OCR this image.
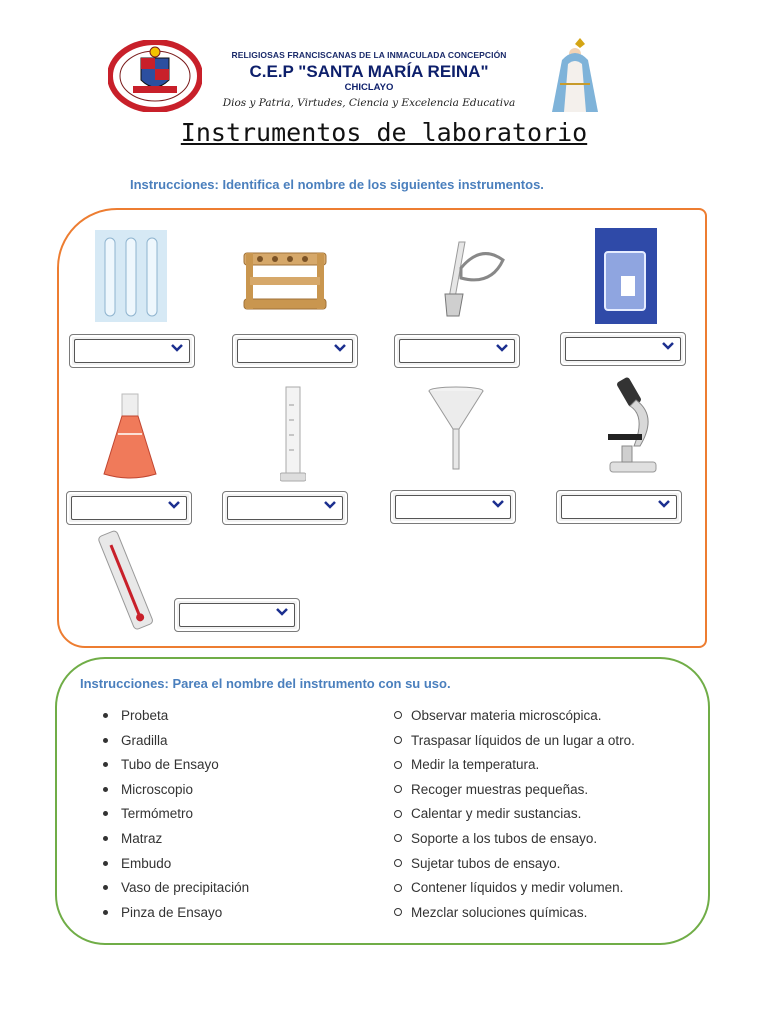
RELIGIOSAS FRANCISCANAS DE LA INMACULADA CONCEPCIÓN
C.E.P "SANTA MARÍA REINA"
CHICLAYO
Dios y Patria, Virtudes, Ciencia y Excelencia Educativa
Instrumentos de laboratorio
Instrucciones: Identifica el nombre de los siguientes instrumentos.
Instrucciones: Parea el nombre del instrumento con su uso.
Probeta
Gradilla
Tubo de Ensayo
Microscopio
Termómetro
Matraz
Embudo
Vaso de precipitación
Pinza de Ensayo
Observar materia microscópica.
Traspasar líquidos de un lugar a otro.
Medir la temperatura.
Recoger muestras pequeñas.
Calentar y medir sustancias.
Soporte a los tubos de ensayo.
Sujetar tubos de ensayo.
Contener líquidos y medir volumen.
Mezclar soluciones químicas.
